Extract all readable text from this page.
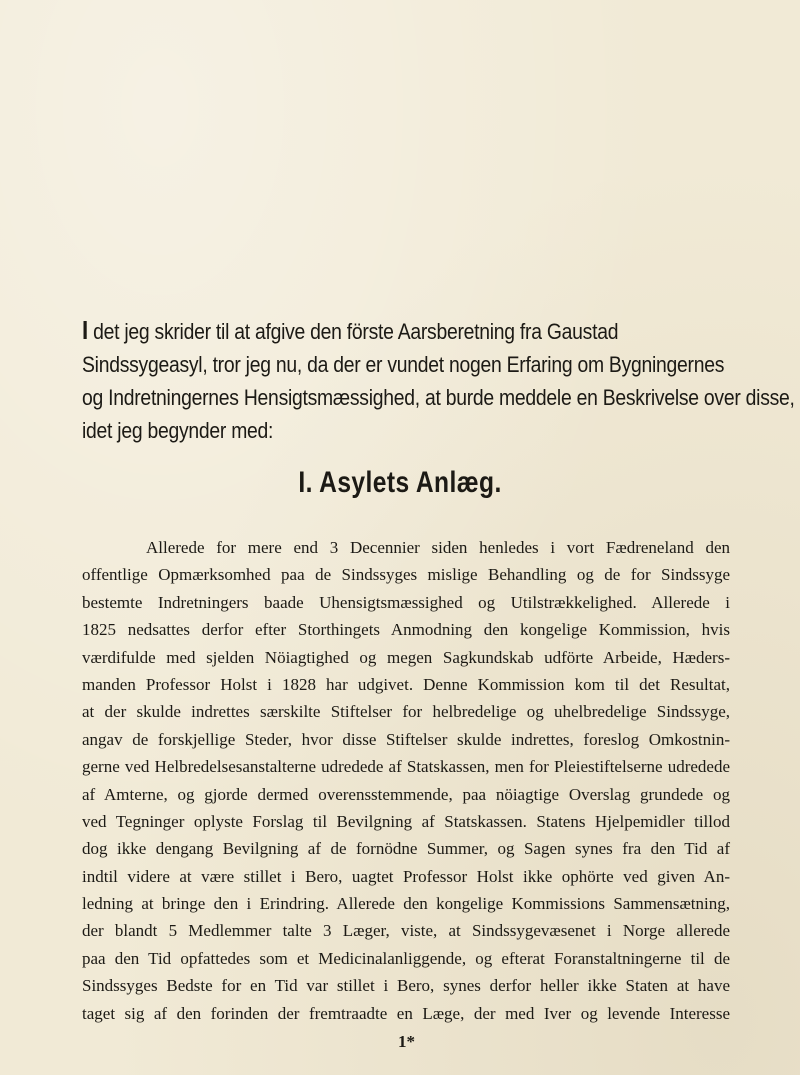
I det jeg skrider til at afgive den förste Aarsberetning fra Gaustad
Sindssygeasyl, tror jeg nu, da der er vundet nogen Erfaring om Bygningernes
og Indretningernes Hensigtsmæssighed, at burde meddele en Beskrivelse over disse,
idet jeg begynder med:
I. Asylets Anlæg.
Allerede for mere end 3 Decennier siden henledes i vort Fædreneland den
offentlige Opmærksomhed paa de Sindssyges mislige Behandling og de for Sindssyge
bestemte Indretningers baade Uhensigtsmæssighed og Utilstrækkelighed. Allerede i
1825 nedsattes derfor efter Storthingets Anmodning den kongelige Kommission, hvis
værdifulde med sjelden Nöiagtighed og megen Sagkundskab udförte Arbeide, Hæders-
manden Professor Holst i 1828 har udgivet. Denne Kommission kom til det Resultat,
at der skulde indrettes særskilte Stiftelser for helbredelige og uhelbredelige Sindssyge,
angav de forskjellige Steder, hvor disse Stiftelser skulde indrettes, foreslog Omkostnin-
gerne ved Helbredelsesanstalterne udredede af Statskassen, men for Pleiestiftelserne udredede
af Amterne, og gjorde dermed overensstemmende, paa nöiagtige Overslag grundede og
ved Tegninger oplyste Forslag til Bevilgning af Statskassen. Statens Hjelpemidler tillod
dog ikke dengang Bevilgning af de fornödne Summer, og Sagen synes fra den Tid af
indtil videre at være stillet i Bero, uagtet Professor Holst ikke ophörte ved given An-
ledning at bringe den i Erindring. Allerede den kongelige Kommissions Sammensætning,
der blandt 5 Medlemmer talte 3 Læger, viste, at Sindssygevæsenet i Norge allerede
paa den Tid opfattedes som et Medicinalanliggende, og efterat Foranstaltningerne til de
Sindssyges Bedste for en Tid var stillet i Bero, synes derfor heller ikke Staten at have
taget sig af den forinden der fremtraadte en Læge, der med Iver og levende Interesse
1*
